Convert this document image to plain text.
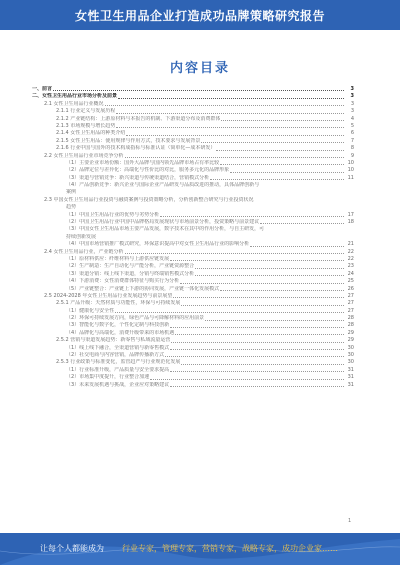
女性卫生用品企业打造成功品牌策略研究报告
内容目录
一、前言	3
二、女性卫生用品行业市场分析及前景	3
2.1 女性卫生用品行业概况	3
2.1.1 行业定义与发展历程	3
2.1.2 产业链结构：上游原材料与本报告的机制、下游渠道分布及消费群体	4
2.1.3 市场规模与增长趋势	5
2.1.4 女性卫生用品的种类介绍	6
2.1.5 女性卫生用品：使用规律与作用方式，技术要求与发展背景	7
2.1.6 行业中国与国外的技术构成指标与标准认证（简单化—成本研发）	8
2.2 女性卫生用品行业市场竞争分析	9
（1）主要企业市场份额：国外大品牌与国内领先品牌市场占有率比较	10
（2）品牌定位与差异化：高端化与性价比的对比，服务多元化的品牌形象	10
（3）渠道与营销竞争：新兴渠道与传统渠道结合，营销模式分析	11
（4）产品创新竞争：新兴企业与国际企业产品研发与品质改进的推动，具体品牌创新与
案例
2.3 中国女性卫生用品行业投资与融资案例与投资策略分析，分析创新整合研究与行业投资状况
趋势
（1）中国卫生用品行业的优势与劣势分析	17
（2）中国卫生用品行业中国中品牌格局发展现状与市场前景分析，投资策略与前景建议	18
（3）中国女性卫生用品市场主要产品发展，数字技术在其中的作用分析，与自主研发，可
持续创新发展
（4）中国市场营销推广模式研究，环保意识提高中对女性卫生用品行业的影响分析	21
2.4 女性卫生用品行业，产业链分析	22
（1）原材料供应：纤维材料与上游供应链发展	22
（2）生产制造：生产自动化与产能分析，产业链资源整合	23
（3）渠道分销：线上线下渠道，分销与终端销售模式分析	24
（4）下游消费：女性消费群体特征与购买行为分析	25
（5）产业链整合：产业链上下游的协同发展，产业链一体化发展模式	26
2.5 2024-2028 年女性卫生用品行业发展趋势与前景展望	27
2.5.1 产品升级：天然材质与功能性，环保与可持续发展	27
（1）健康化与安全性	27
（2）环保可持续发展方向，绿色产品与可降解材料的应用前景	28
（3）智能化与数字化，个性化定制与科技创新	28
（4）品牌化与高端化，消费升级带来的市场机遇	29
2.5.2 营销与渠道发展趋势：新零售与私域流量运营	29
（1）线上线下融合，全渠道营销与新零售模式	30
（2）社交电商与内容营销，品牌传播新方式	30
2.5.3 行业政策与标准变化，监管趋严与行业规范化发展	30
（1）行业标准升级，产品质量与安全要求提高	31
（2）市场集中度提升，行业整合加速	31
（3）未来发展机遇与挑战，企业应对策略建议	31
1
让每个人都能成为 行业专家，管理专家，营销专家，战略专家，成功企业家……
